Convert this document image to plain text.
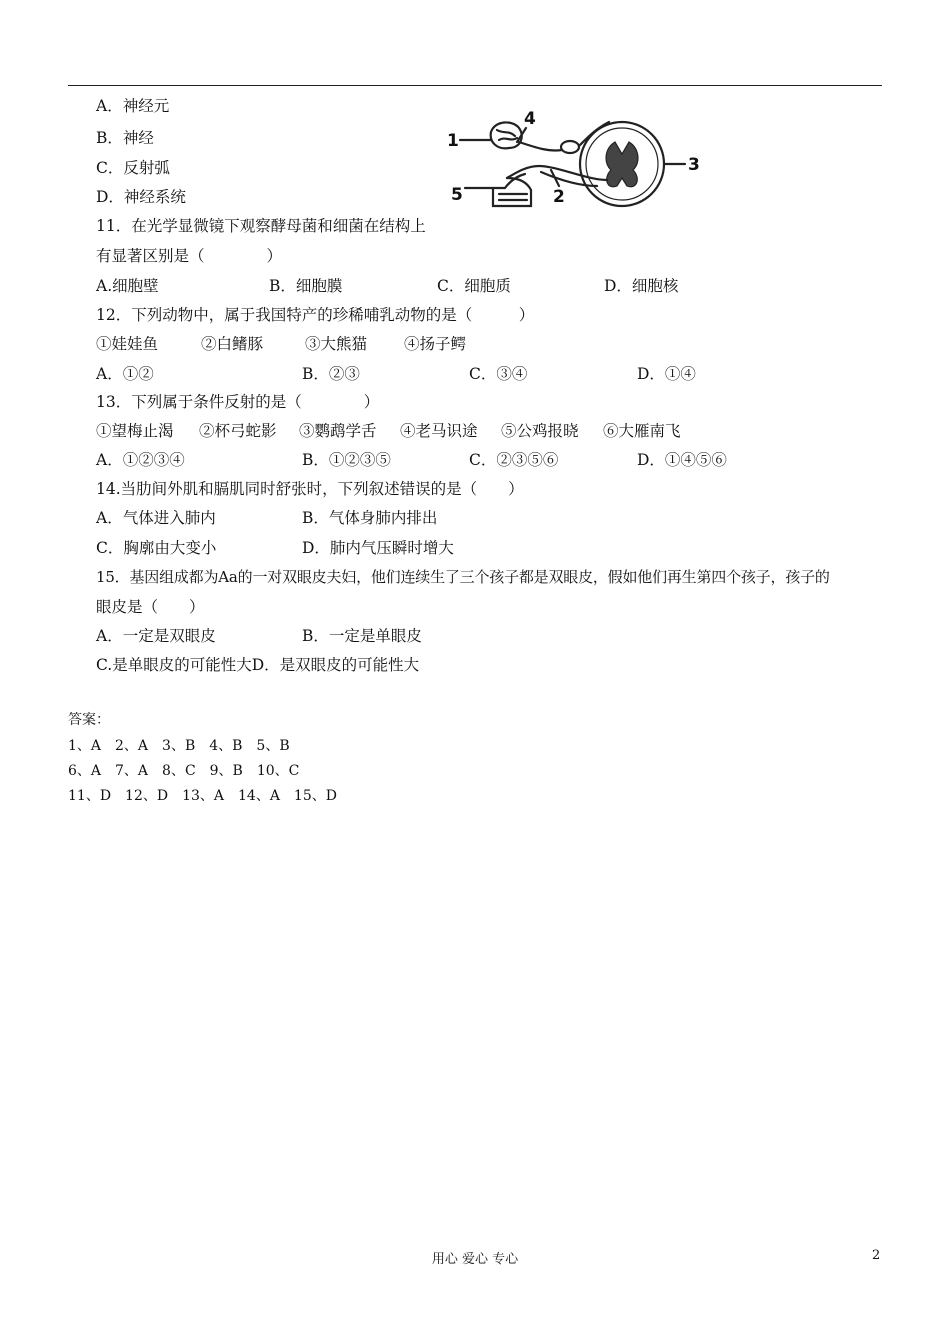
A．神经元
B．神经
C．反射弧
D．神经系统
1
2
3
4
5
11．在光学显微镜下观察酵母菌和细菌在结构上
有显著区别是（　　　　）
A.细胞壁	B．细胞膜	C．细胞质	D．细胞核
12．下列动物中，属于我国特产的珍稀哺乳动物的是（　　　）
①娃娃鱼	②白鳍豚	③大熊猫 ④扬子鳄
A．①②	B．②③	C．③④	D．①④
13．下列属于条件反射的是（　　　　）
①望梅止渴 ②杯弓蛇影 ③鹦鹉学舌 ④老马识途 ⑤公鸡报晓 ⑥大雁南飞
A．①②③④	B．①②③⑤	C．②③⑤⑥	D．①④⑤⑥
14.当肋间外肌和膈肌同时舒张时，下列叙述错误的是（　　）
A．气体进入肺内	B．气体身肺内排出
C．胸廓由大变小	D．肺内气压瞬时增大
15．基因组成都为Aa的一对双眼皮夫妇，他们连续生了三个孩子都是双眼皮，假如他们再生第四个孩子，孩子的
眼皮是（　　）
A．一定是双眼皮	B．一定是单眼皮
C.是单眼皮的可能性大D．是双眼皮的可能性大
答案：
1、A　2、A　3、B　4、B　5、B
6、A　7、A　8、C　9、B　10、C
11、D　12、D　13、A　14、A　15、D
用心 爱心 专心	2
